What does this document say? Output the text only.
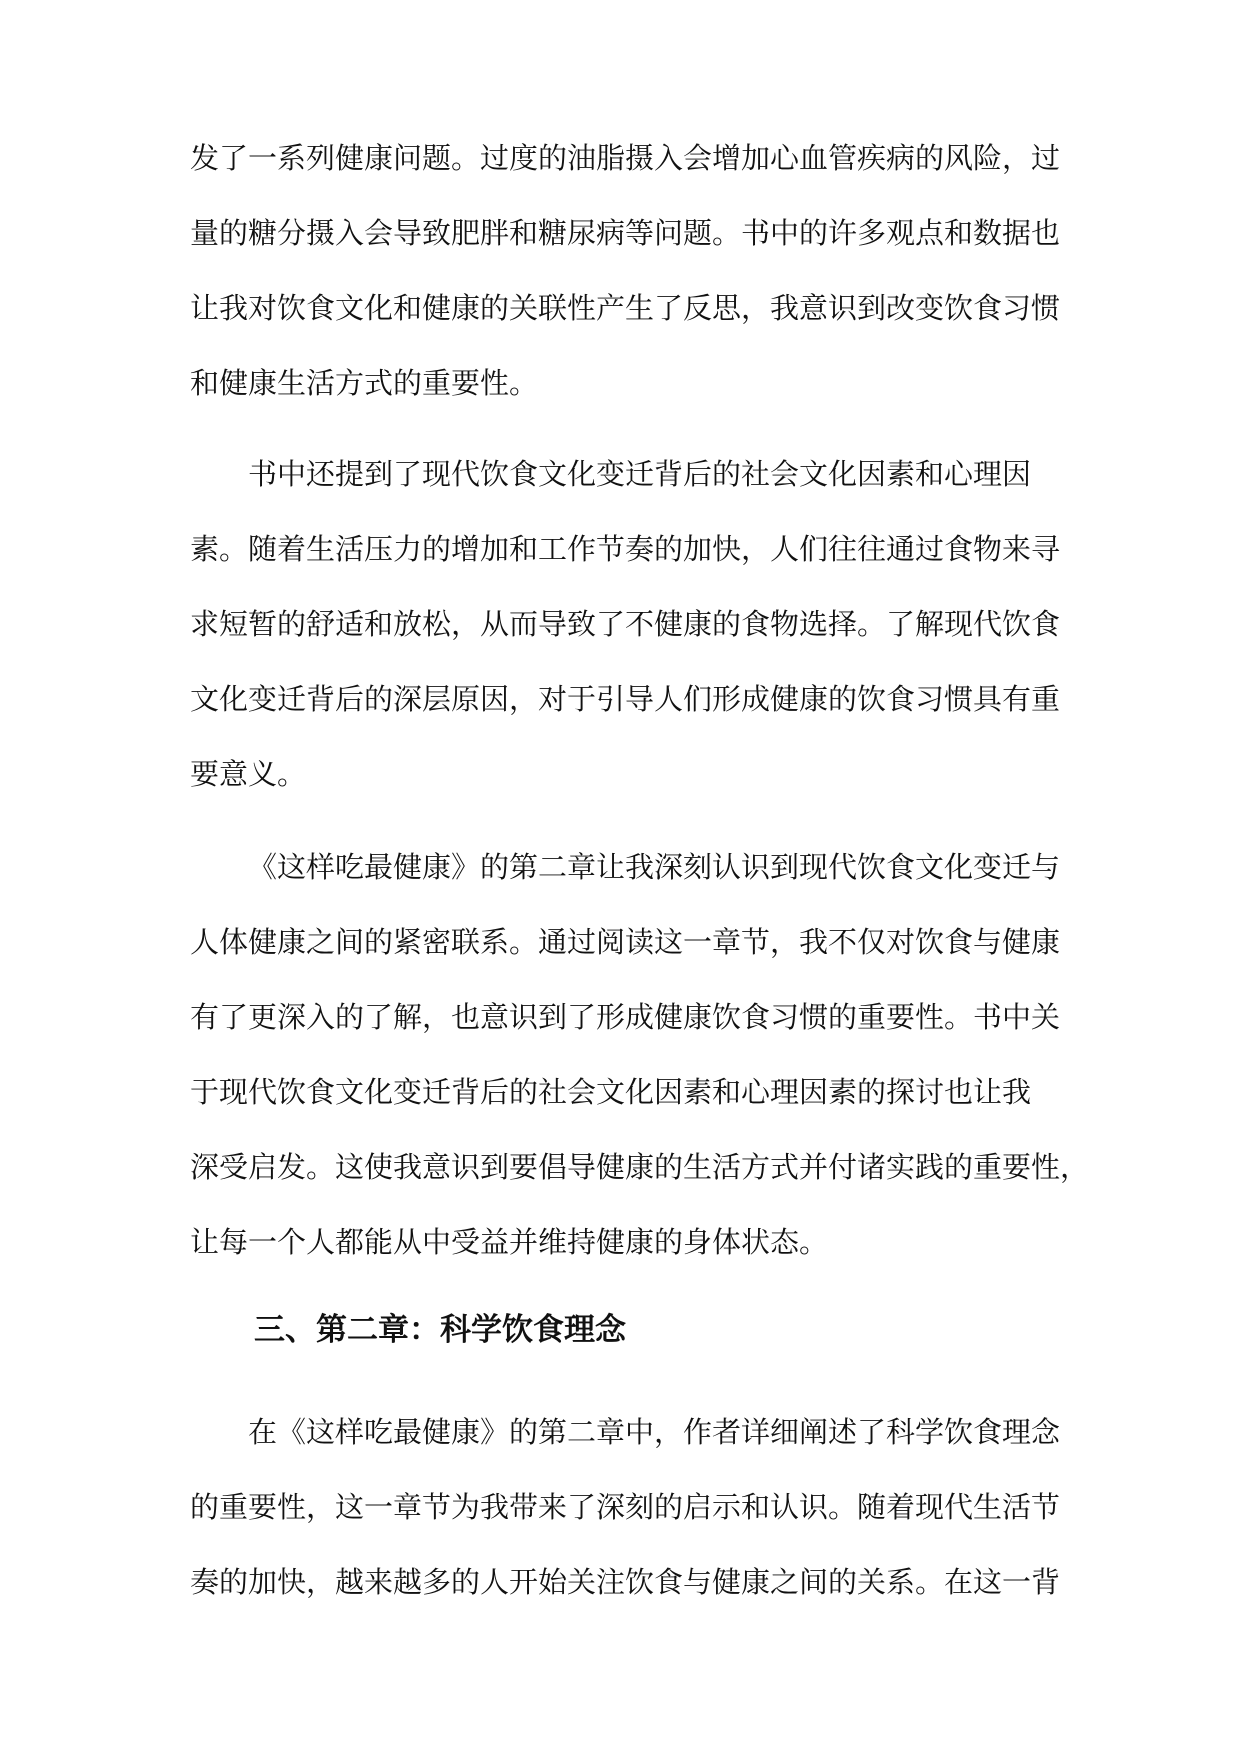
发了一系列健康问题。过度的油脂摄入会增加心血管疾病的风险，过
量的糖分摄入会导致肥胖和糖尿病等问题。书中的许多观点和数据也
让我对饮食文化和健康的关联性产生了反思，我意识到改变饮食习惯
和健康生活方式的重要性。
书中还提到了现代饮食文化变迁背后的社会文化因素和心理因
素。随着生活压力的增加和工作节奏的加快，人们往往通过食物来寻
求短暂的舒适和放松，从而导致了不健康的食物选择。了解现代饮食
文化变迁背后的深层原因，对于引导人们形成健康的饮食习惯具有重
要意义。
《这样吃最健康》的第二章让我深刻认识到现代饮食文化变迁与
人体健康之间的紧密联系。通过阅读这一章节，我不仅对饮食与健康
有了更深入的了解，也意识到了形成健康饮食习惯的重要性。书中关
于现代饮食文化变迁背后的社会文化因素和心理因素的探讨也让我
深受启发。这使我意识到要倡导健康的生活方式并付诸实践的重要性，
让每一个人都能从中受益并维持健康的身体状态。
三、第二章：科学饮食理念
在《这样吃最健康》的第二章中，作者详细阐述了科学饮食理念
的重要性，这一章节为我带来了深刻的启示和认识。随着现代生活节
奏的加快，越来越多的人开始关注饮食与健康之间的关系。在这一背
